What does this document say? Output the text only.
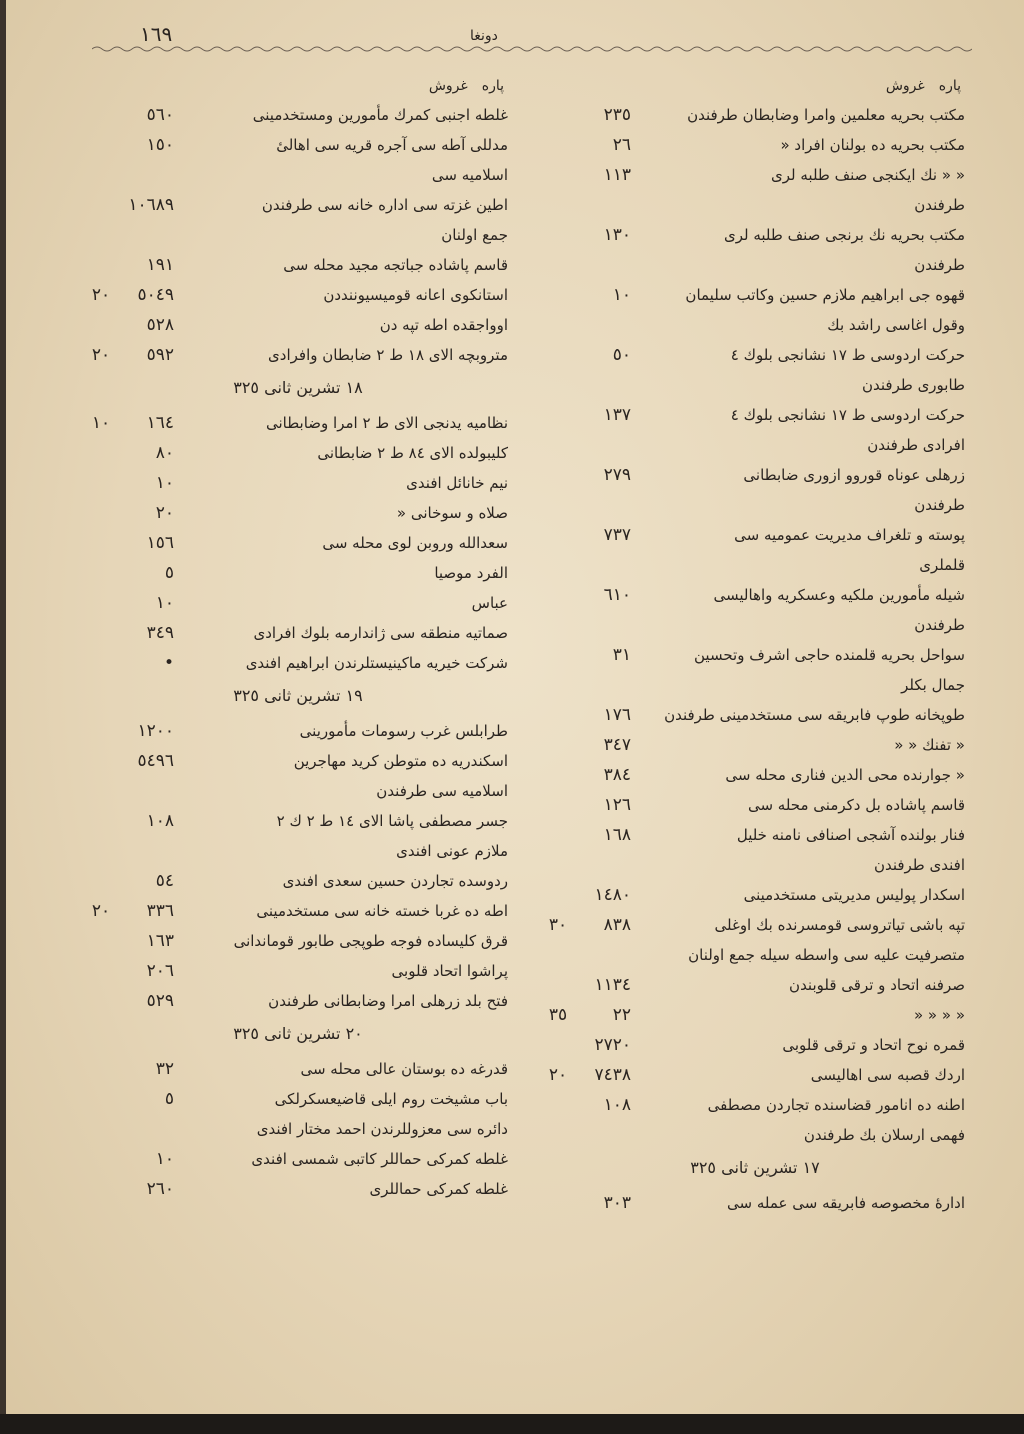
١٦٩	دونغا
پاره
غروش
مكتب بحريه معلمين وامرا وضابطان طرفندن
٢٣٥
مكتب بحريه ده بولنان افراد «
٢٦
« « نك ايكنجى صنف طلبه لرى
١١٣
طرفندن
مكتب بحريه نك برنجى صنف طلبه لرى
١٣٠
طرفندن
قهوه جى ابراهيم ملازم حسين وكاتب سليمان
١٠
وقول اغاسى راشد بك
حركت اردوسى ط ١٧ نشانجى بلوك ٤
٥٠
طابورى طرفندن
حركت اردوسى ط ١٧ نشانجى بلوك ٤
١٣٧
افرادى طرفندن
زرهلى عوناه قوروو ازورى ضابطانى
٢٧٩
طرفندن
پوسته و تلغراف مديريت عموميه سى
٧٣٧
قلملرى
شيله مأمورين ملكيه وعسكريه واهاليسى
٦١٠
طرفندن
سواحل بحريه قلمنده حاجى اشرف وتحسين
٣١
جمال بكلر
طوپخانه طوپ فابريقه سى مستخدمينى طرفندن
١٧٦
« تفنك « «
٣٤٧
« جوارنده محى الدين فنارى محله سى
٣٨٤
قاسم پاشاده بل دكرمنى محله سى
١٢٦
فنار بولنده آشجى اصنافى نامنه خليل
١٦٨
افندى طرفندن
اسكدار پوليس مديريتى مستخدمينى
١٤٨٠
تپه باشى تياتروسى قومسرنده بك اوغلى
٨٣٨
٣٠
متصرفيت عليه سى واسطه سيله جمع اولنان
صرفنه اتحاد و ترقى قلوبندن
١١٣٤
« « « «
٢٢
٣٥
قمره نوح اتحاد و ترقى قلوبى
٢٧٢٠
اردك قصبه سى اهاليسى
٧٤٣٨
٢٠
اطنه ده انامور قضاسنده تجاردن مصطفى
١٠٨
فهمى ارسلان بك طرفندن
١٧ تشرين ثانى ٣٢٥
ادارهٔ مخصوصه فابريقه سى عمله سى
٣٠٣
پاره
غروش
غلطه اجنبى كمرك مأمورين ومستخدمينى
٥٦٠
مدللى آطه سى آجره قريه سى اهالىٔ
١٥٠
اسلاميه سى
اطين غزته سى اداره خانه سى طرفندن
١٠٦٨٩
جمع اولنان
قاسم پاشاده جباتجه مجيد محله سى
١٩١
استانكوى اعانه قوميسيوننددن
٥٠٤٩
٢٠
اوواجقده اطه تپه دن
٥٢٨
متروبچه الاى ١٨ ط ٢ ضابطان وافرادى
٥٩٢
٢٠
١٨ تشرين ثانى ٣٢٥
نظاميه يدنجى الاى ط ٢ امرا وضابطانى
١٦٤
١٠
كليبولده الاى ٨٤ ط ٢ ضابطانى
٨٠
نيم خانائل افندى
١٠
صلاه و سوخانى «
٢٠
سعدالله وروبن لوى محله سى
١٥٦
الفرد موصيا
٥
عباس
١٠
صماتيه منطقه سى ژاندارمه بلوك افرادى
٣٤٩
شركت خيريه ماكينيستلرندن ابراهيم افندى
•
١٩ تشرين ثانى ٣٢٥
طرابلس غرب رسومات مأمورينى
١٢٠٠
اسكندريه ده متوطن كريد مهاجرين
٥٤٩٦
اسلاميه سى طرفندن
جسر مصطفى پاشا الاى ١٤ ط ٢ ك ٢
١٠٨
ملازم عونى افندى
ردوسده تجاردن حسين سعدى افندى
٥٤
اطه ده غربا خسته خانه سى مستخدمينى
٣٣٦
٢٠
قرق كليساده فوجه طوپجى طابور قوماندانى
١٦٣
پراشوا اتحاد قلوبى
٢٠٦
فتح بلد زرهلى امرا وضابطانى طرفندن
٥٢٩
٢٠ تشرين ثانى ٣٢٥
قدرغه ده بوستان عالى محله سى
٣٢
باب مشيخت روم ايلى قاضيعسكرلكى
٥
دائره سى معزوللرندن احمد مختار افندى
غلطه كمركى حماللر كاتبى شمسى افندى
١٠
غلطه كمركى حماللرى
٢٦٠
